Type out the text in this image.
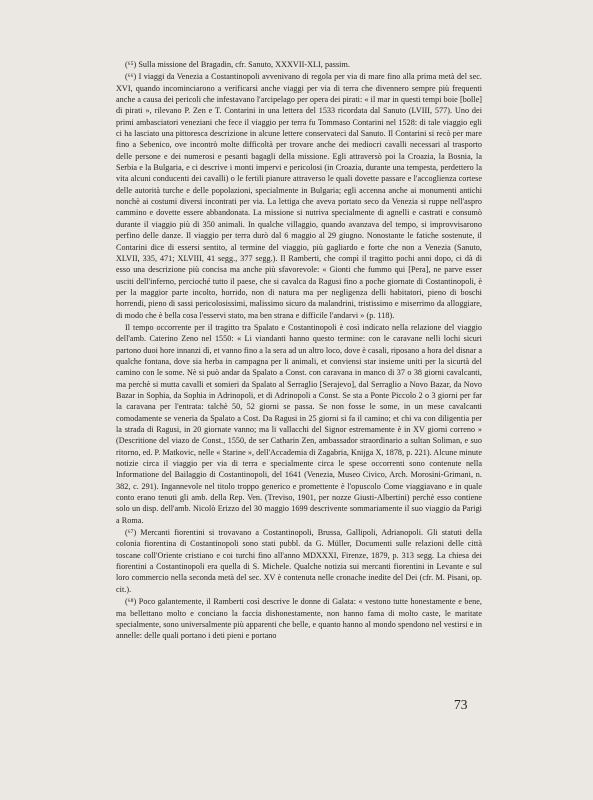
(⁶⁵) Sulla missione del Bragadin, cfr. Sanuto, XXXVII-XLI, passim.

(⁶⁶) I viaggi da Venezia a Costantinopoli avvenivano di regola per via di mare fino alla prima metà del sec. XVI, quando incominciarono a verificarsi anche viaggi per via di terra che divennero sempre più frequenti anche a causa dei pericoli che infestavano l'arcipelago per opera dei pirati: « il mar in questi tempi boie [bolle] di pirati », rilevano P. Zen e T. Contarini in una lettera del 1533 ricordata dal Sanuto (LVIII, 577). Uno dei primi ambasciatori veneziani che fece il viaggio per terra fu Tommaso Contarini nel 1528: di tale viaggio egli ci ha lasciato una pittoresca descrizione in alcune lettere conservateci dal Sanuto. Il Contarini si recò per mare fino a Sebenico, ove incontrò molte difficoltà per trovare anche dei mediocri cavalli necessari al trasporto delle persone e dei numerosi e pesanti bagagli della missione. Egli attraversò poi la Croazia, la Bosnia, la Serbia e la Bulgaria, e ci descrive i monti impervi e pericolosi (in Croazia, durante una tempesta, perdettero la vita alcuni conducenti dei cavalli) o le fertili pianure attraverso le quali dovette passare e l'accoglienza cortese delle autorità turche e delle popolazioni, specialmente in Bulgaria; egli accenna anche ai monumenti antichi nonchè ai costumi diversi incontrati per via. La lettiga che aveva portato seco da Venezia si ruppe nell'aspro cammino e dovette essere abbandonata. La missione si nutriva specialmente di agnelli e castrati e consumò durante il viaggio più di 350 animali. In qualche villaggio, quando avanzava del tempo, si improvvisarono perfino delle danze. Il viaggio per terra durò dal 6 maggio al 29 giugno. Nonostante le fatiche sostenute, il Contarini dice di essersi sentito, al termine del viaggio, più gagliardo e forte che non a Venezia (Sanuto, XLVII, 335, 471; XLVIII, 41 segg., 377 segg.). Il Ramberti, che compì il tragitto pochi anni dopo, ci dà di esso una descrizione più concisa ma anche più sfavorevole: « Gionti che fummo qui [Pera], ne parve esser usciti dell'inferno, percioché tutto il paese, che si cavalca da Ragusi fino a poche giornate di Costantinopoli, è per la maggior parte incolto, horrido, non di natura ma per negligenza delli habitatori, pieno di boschi horrendi, pieno di sassi pericolosissimi, malissimo sicuro da malandrini, tristissimo e miserrimo da alloggiare, di modo che è bella cosa l'esservi stato, ma ben strana e difficile l'andarvi » (p. 118).

Il tempo occorrente per il tragitto tra Spalato e Costantinopoli è così indicato nella relazione del viaggio dell'amb. Caterino Zeno nel 1550: « Li viandanti hanno questo termine: con le caravane nelli lochi sicuri partono duoi hore innanzi dì, et vanno fino a la sera ad un altro loco, dove è casali, riposano a hora del disnar a qualche fontana, dove sia herba in campagna per li animali, et conviensi star insieme uniti per la sicurtà del camino con le some. Nè si può andar da Spalato a Const. con caravana in manco di 37 o 38 giorni cavalcanti, ma perchè si mutta cavalli et somieri da Spalato al Serraglio [Serajevo], dal Serraglio a Novo Bazar, da Novo Bazar in Sophia, da Sophia in Adrinopoli, et di Adrinopoli a Const. Se sta a Ponte Piccolo 2 o 3 giorni per far la caravana per l'entrata: talchè 50, 52 giorni se passa. Se non fosse le some, in un mese cavalcanti comodamente se veneria da Spalato a Cost. Da Ragusi in 25 giorni si fa il camino; et chi va con diligentia per la strada di Ragusi, in 20 giornate vanno; ma li vallacchi del Signor estremamente è in XV giorni correno » (Descritione del viazo de Const., 1550, de ser Catharin Zen, ambassador straordinario a sultan Soliman, e suo ritorno, ed. P. Matkovic, nelle « Starine », dell'Accademia di Zagabria, Knijga X, 1878, p. 221). Alcune minute notizie circa il viaggio per via di terra e specialmente circa le spese occorrenti sono contenute nella Informatione del Bailaggio di Costantinopoli, del 1641 (Venezia, Museo Civico, Arch. Morosini-Grimani, n. 382, c. 291). Ingannevole nel titolo troppo generico e promettente è l'opuscolo Come viaggiavano e in quale conto erano tenuti gli amb. della Rep. Ven. (Treviso, 1901, per nozze Giusti-Albertini) perchè esso contiene solo un disp. dell'amb. Nicolò Erizzo del 30 maggio 1699 descrivente sommariamente il suo viaggio da Parigi a Roma.

(⁶⁷) Mercanti fiorentini si trovavano a Costantinopoli, Brussa, Gallipoli, Adrianopoli. Gli statuti della colonia fiorentina di Costantinopoli sono stati pubbl. da G. Müller, Documenti sulle relazioni delle città toscane coll'Oriente cristiano e coi turchi fino all'anno MDXXXI, Firenze, 1879, p. 313 segg. La chiesa dei fiorentini a Costantinopoli era quella di S. Michele. Qualche notizia sui mercanti fiorentini in Levante e sul loro commercio nella seconda metà del sec. XV è contenuta nelle cronache inedite del Dei (cfr. M. Pisani, op. cit.).

(⁶⁸) Poco galantemente, il Ramberti così descrive le donne di Galata: « vestono tutte honestamente e bene, ma bellettano molto e conciano la faccia dishonestamente, non hanno fama di molto caste, le maritate specialmente, sono universalmente più apparenti che belle, e quanto hanno al mondo spendono nel vestirsi e in annelle: delle quali portano i deti pieni e portano

73
